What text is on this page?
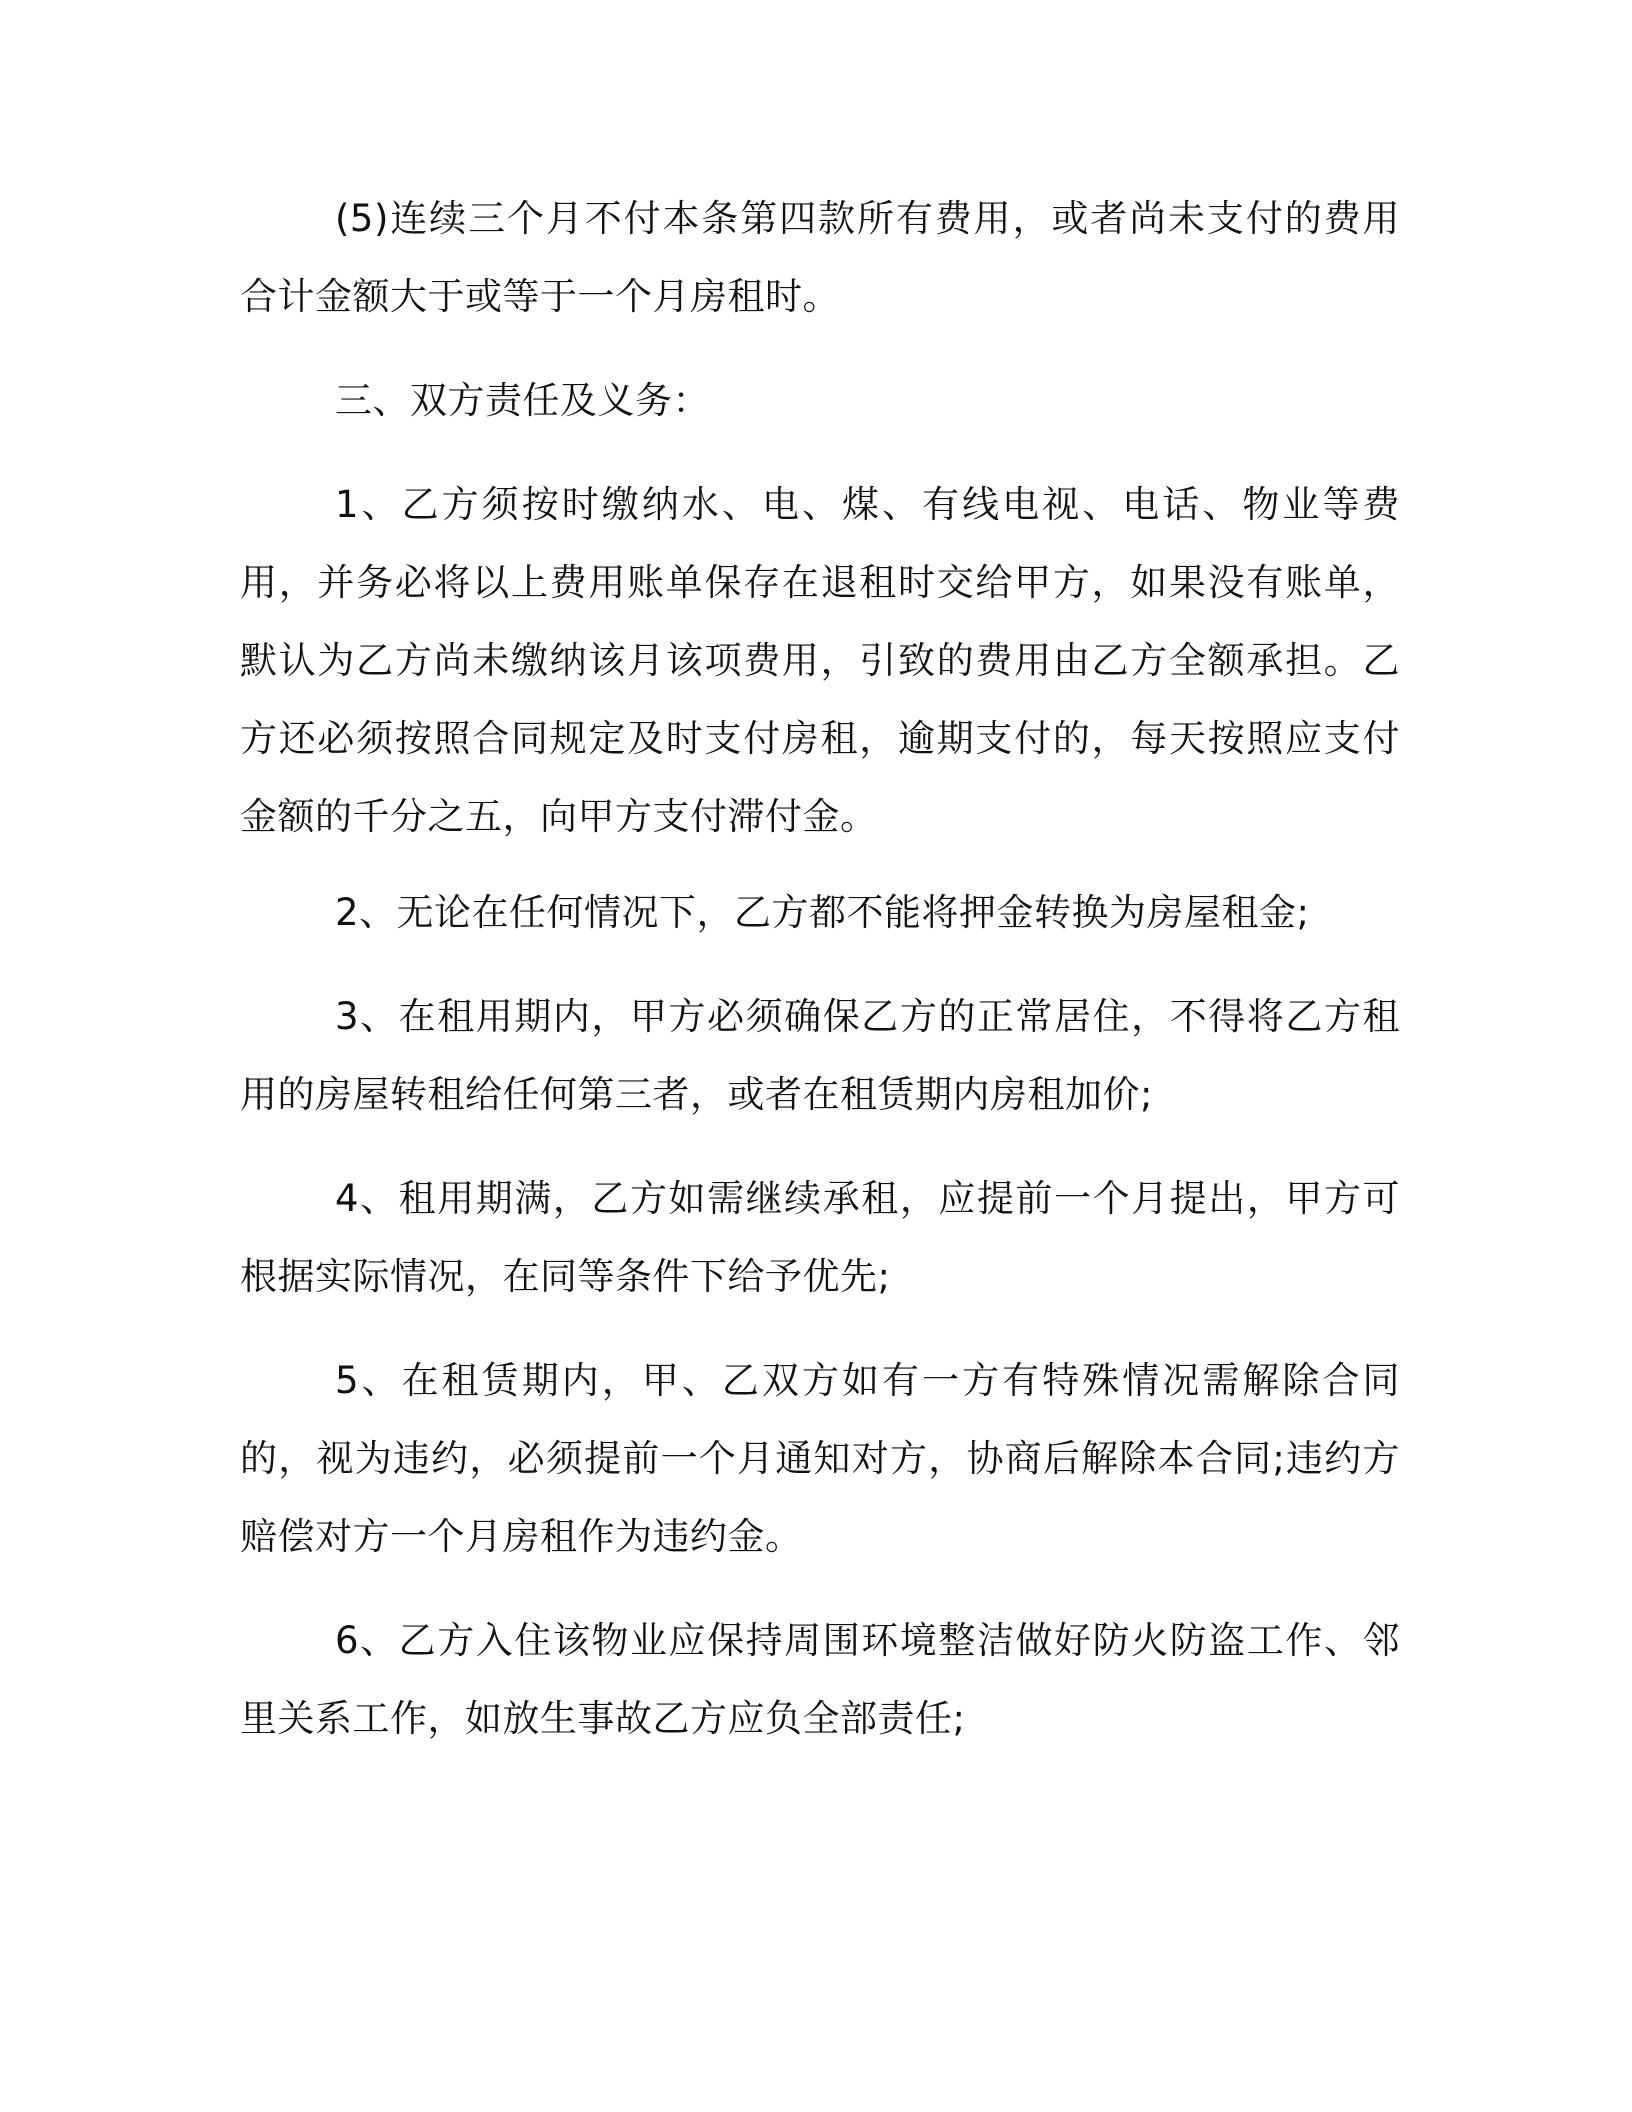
(5)连续三个月不付本条第四款所有费用，或者尚未支付的费用合计金额大于或等于一个月房租时。

三、双方责任及义务：

1、乙方须按时缴纳水、电、煤、有线电视、电话、物业等费用，并务必将以上费用账单保存在退租时交给甲方，如果没有账单，默认为乙方尚未缴纳该月该项费用，引致的费用由乙方全额承担。乙方还必须按照合同规定及时支付房租，逾期支付的，每天按照应支付金额的千分之五，向甲方支付滞付金。

2、无论在任何情况下，乙方都不能将押金转换为房屋租金;

3、在租用期内，甲方必须确保乙方的正常居住，不得将乙方租用的房屋转租给任何第三者，或者在租赁期内房租加价;

4、租用期满，乙方如需继续承租，应提前一个月提出，甲方可根据实际情况，在同等条件下给予优先;

5、在租赁期内，甲、乙双方如有一方有特殊情况需解除合同的，视为违约，必须提前一个月通知对方，协商后解除本合同;违约方赔偿对方一个月房租作为违约金。

6、乙方入住该物业应保持周围环境整洁做好防火防盗工作、邻里关系工作，如放生事故乙方应负全部责任;
